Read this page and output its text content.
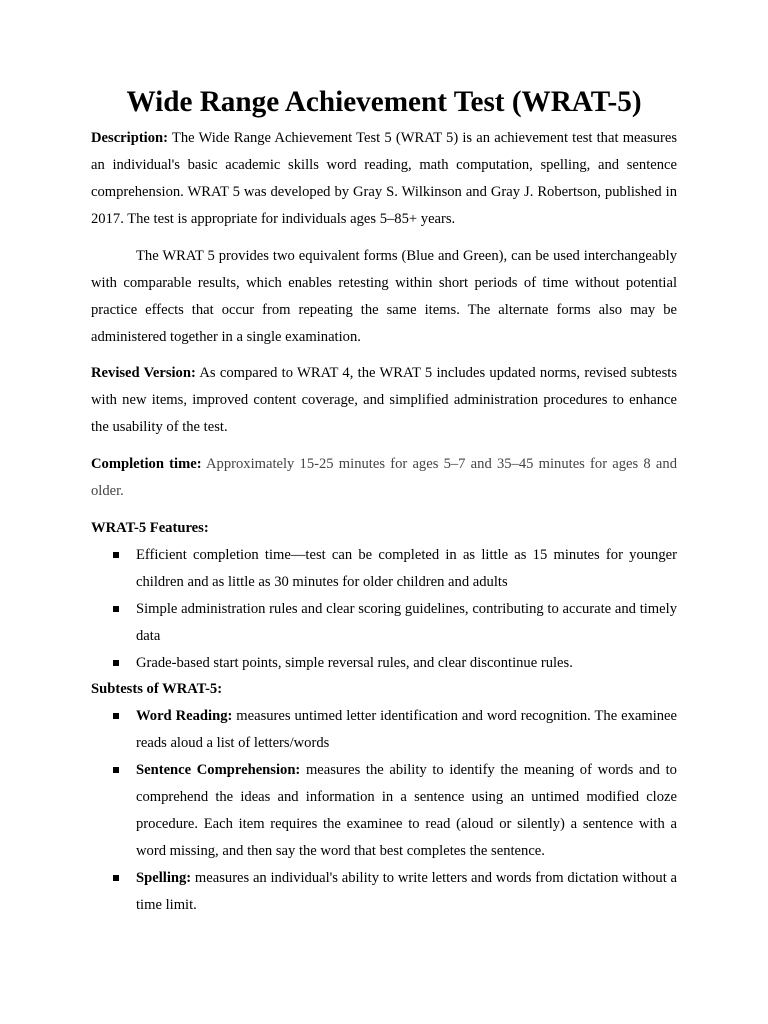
Wide Range Achievement Test (WRAT-5)

Description: The Wide Range Achievement Test 5 (WRAT 5) is an achievement test that measures an individual's basic academic skills word reading, math computation, spelling, and sentence comprehension. WRAT 5 was developed by Gray S. Wilkinson and Gray J. Robertson, published in 2017. The test is appropriate for individuals ages 5–85+ years.

The WRAT 5 provides two equivalent forms (Blue and Green), can be used interchangeably with comparable results, which enables retesting within short periods of time without potential practice effects that occur from repeating the same items. The alternate forms also may be administered together in a single examination.

Revised Version: As compared to WRAT 4, the WRAT 5 includes updated norms, revised subtests with new items, improved content coverage, and simplified administration procedures to enhance the usability of the test.

Completion time: Approximately 15-25 minutes for ages 5–7 and 35–45 minutes for ages 8 and older.

WRAT-5 Features:

Efficient completion time—test can be completed in as little as 15 minutes for younger children and as little as 30 minutes for older children and adults
Simple administration rules and clear scoring guidelines, contributing to accurate and timely data
Grade-based start points, simple reversal rules, and clear discontinue rules.

Subtests of WRAT-5:

Word Reading: measures untimed letter identification and word recognition. The examinee reads aloud a list of letters/words
Sentence Comprehension: measures the ability to identify the meaning of words and to comprehend the ideas and information in a sentence using an untimed modified cloze procedure. Each item requires the examinee to read (aloud or silently) a sentence with a word missing, and then say the word that best completes the sentence.
Spelling: measures an individual's ability to write letters and words from dictation without a time limit.
